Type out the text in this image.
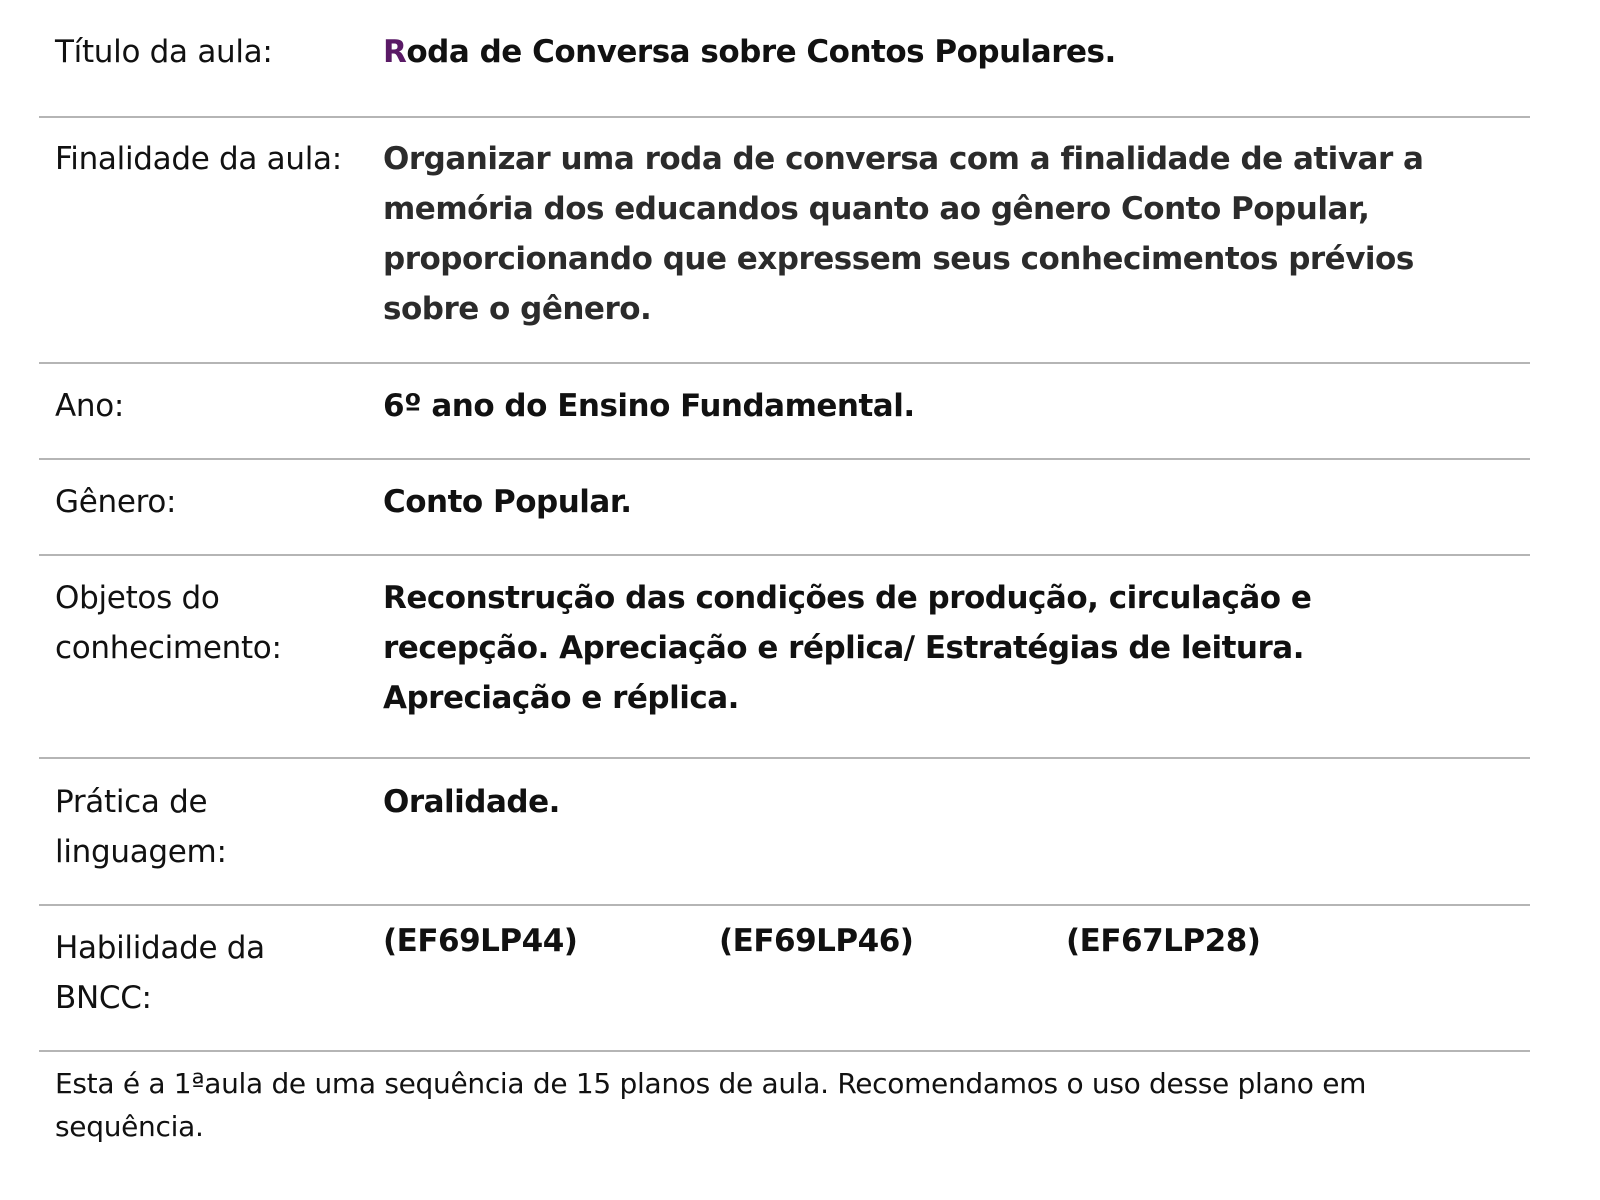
Título da aula:	Roda de Conversa sobre Contos Populares.
Finalidade da aula:	Organizar uma roda de conversa com a finalidade de ativar a memória dos educandos quanto ao gênero Conto Popular, proporcionando que expressem seus conhecimentos prévios sobre o gênero.
Ano:	6º ano do Ensino Fundamental.
Gênero:	Conto Popular.
Objetos do conhecimento:
Reconstrução das condições de produção, circulação e recepção. Apreciação e réplica/ Estratégias de leitura. Apreciação e réplica.
Prática de linguagem:
Oralidade.
Habilidade da BNCC:
(EF69LP44)	(EF69LP46)	(EF67LP28)
Esta é a 1ªaula de uma sequência de 15 planos de aula. Recomendamos o uso desse plano em sequência.
